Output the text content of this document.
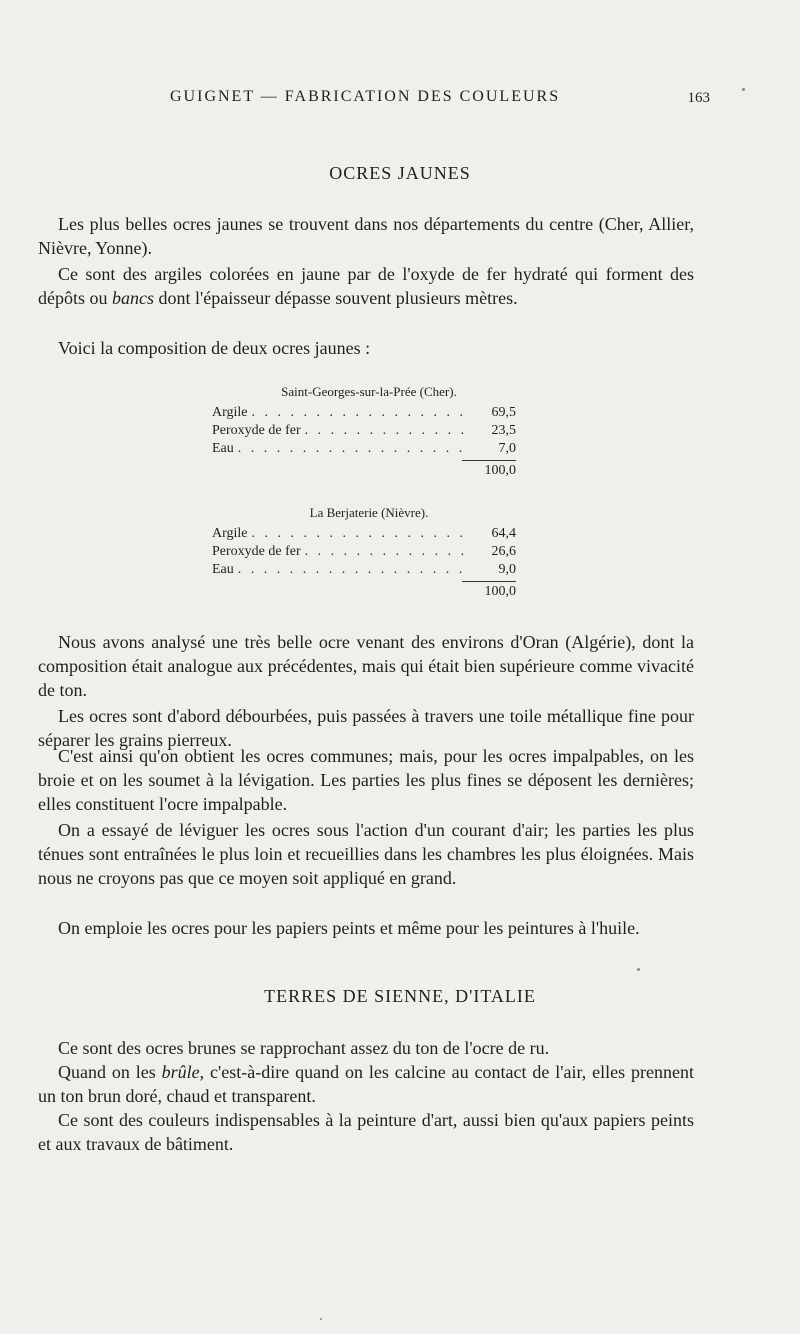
GUIGNET — FABRICATION DES COULEURS	163
OCRES JAUNES

Les plus belles ocres jaunes se trouvent dans nos départements du centre (Cher, Allier, Nièvre, Yonne).

Ce sont des argiles colorées en jaune par de l'oxyde de fer hydraté qui forment des dépôts ou bancs dont l'épaisseur dépasse souvent plusieurs mètres.

Voici la composition de deux ocres jaunes :

Saint-Georges-sur-la-Prée (Cher).
Argile . . .	69,5
Peroxyde de fer . . .	23,5
Eau . . .	7,0
100,0
La Berjaterie (Nièvre).
Argile . . .	64,4
Peroxyde de fer . . .	26,6
Eau . . .	9,0
100,0

Nous avons analysé une très belle ocre venant des environs d'Oran (Algérie), dont la composition était analogue aux précédentes, mais qui était bien supérieure comme vivacité de ton.

Les ocres sont d'abord débourbées, puis passées à travers une toile métallique fine pour séparer les grains pierreux.

C'est ainsi qu'on obtient les ocres communes; mais, pour les ocres impalpables, on les broie et on les soumet à la lévigation. Les parties les plus fines se déposent les dernières; elles constituent l'ocre impalpable.

On a essayé de léviguer les ocres sous l'action d'un courant d'air; les parties les plus ténues sont entraînées le plus loin et recueillies dans les chambres les plus éloignées. Mais nous ne croyons pas que ce moyen soit appliqué en grand.

On emploie les ocres pour les papiers peints et même pour les peintures à l'huile.

TERRES DE SIENNE, D'ITALIE

Ce sont des ocres brunes se rapprochant assez du ton de l'ocre de ru.

Quand on les brûle, c'est-à-dire quand on les calcine au contact de l'air, elles prennent un ton brun doré, chaud et transparent.

Ce sont des couleurs indispensables à la peinture d'art, aussi bien qu'aux papiers peints et aux travaux de bâtiment.
